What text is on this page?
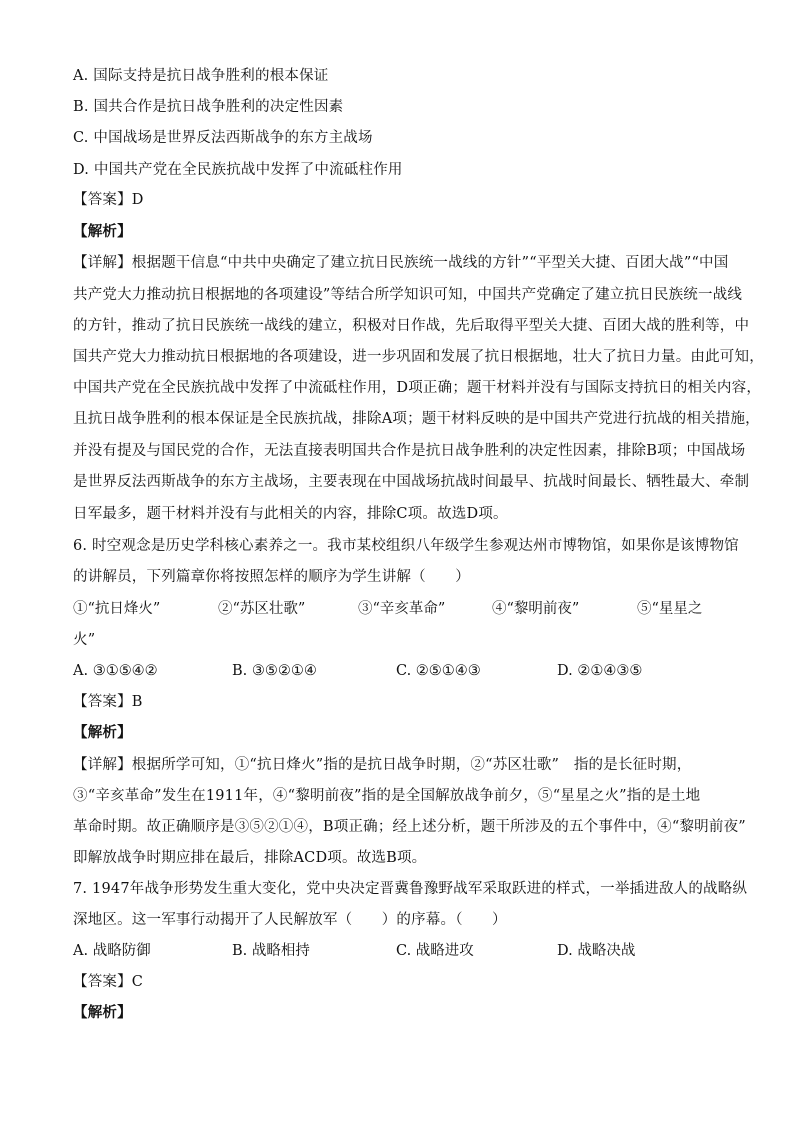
A. 国际支持是抗日战争胜利的根本保证
B. 国共合作是抗日战争胜利的决定性因素
C. 中国战场是世界反法西斯战争的东方主战场
D. 中国共产党在全民族抗战中发挥了中流砥柱作用
【答案】D
【解析】
【详解】根据题干信息“中共中央确定了建立抗日民族统一战线的方针”“平型关大捷、百团大战”“中国
共产党大力推动抗日根据地的各项建设”等结合所学知识可知，中国共产党确定了建立抗日民族统一战线
的方针，推动了抗日民族统一战线的建立，积极对日作战，先后取得平型关大捷、百团大战的胜利等，中
国共产党大力推动抗日根据地的各项建设，进一步巩固和发展了抗日根据地，壮大了抗日力量。由此可知，
中国共产党在全民族抗战中发挥了中流砥柱作用，D项正确；题干材料并没有与国际支持抗日的相关内容，
且抗日战争胜利的根本保证是全民族抗战，排除A项；题干材料反映的是中国共产党进行抗战的相关措施，
并没有提及与国民党的合作，无法直接表明国共合作是抗日战争胜利的决定性因素，排除B项；中国战场
是世界反法西斯战争的东方主战场，主要表现在中国战场抗战时间最早、抗战时间最长、牺牲最大、牵制
日军最多，题干材料并没有与此相关的内容，排除C项。故选D项。
6. 时空观念是历史学科核心素养之一。我市某校组织八年级学生参观达州市博物馆，如果你是该博物馆
的讲解员，下列篇章你将按照怎样的顺序为学生讲解（　　）
①“抗日烽火”	②“苏区壮歌”	③“辛亥革命”	④“黎明前夜”	⑤“星星之
火”
A. ③①⑤④②	B. ③⑤②①④	C. ②⑤①④③	D. ②①④③⑤
【答案】B
【解析】
【详解】根据所学可知，①“抗日烽火”指的是抗日战争时期，②“苏区壮歌”　指的是长征时期，
③“辛亥革命”发生在1911年，④“黎明前夜”指的是全国解放战争前夕，⑤“星星之火”指的是土地
革命时期。故正确顺序是③⑤②①④，B项正确；经上述分析，题干所涉及的五个事件中，④“黎明前夜”
即解放战争时期应排在最后，排除ACD项。故选B项。
7. 1947年战争形势发生重大变化，党中央决定晋冀鲁豫野战军采取跃进的样式，一举插进敌人的战略纵
深地区。这一军事行动揭开了人民解放军（　　）的序幕。（　　）
A. 战略防御	B. 战略相持	C. 战略进攻	D. 战略决战
【答案】C
【解析】
